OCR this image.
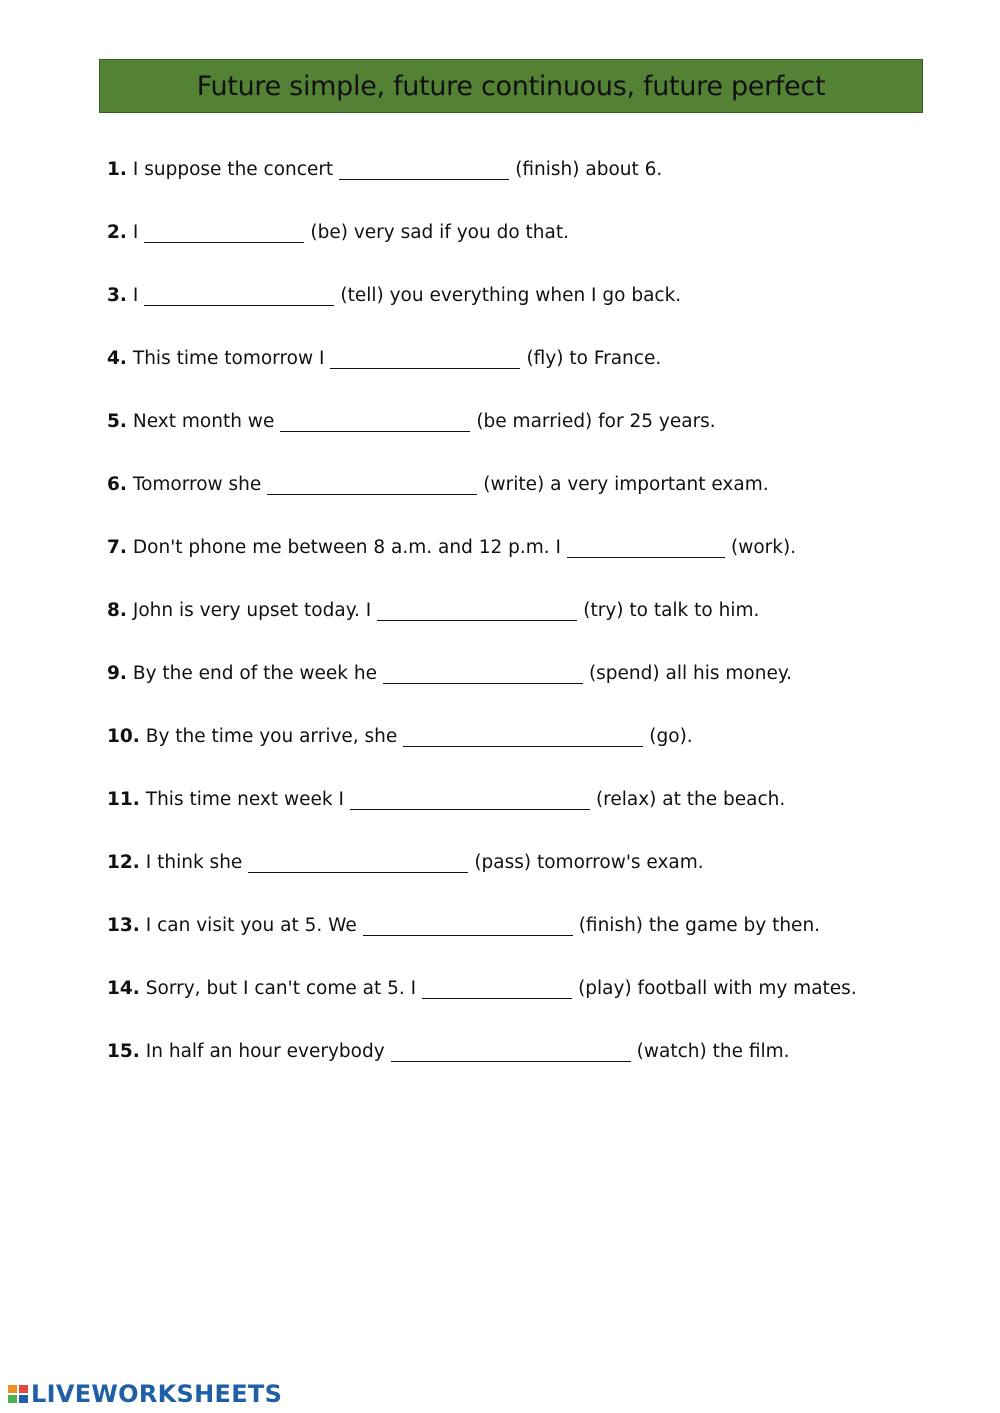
Future simple, future continuous, future perfect
1. I suppose the concert	(finish) about 6.
2. I	(be) very sad if you do that.
3. I	(tell) you everything when I go back.
4. This time tomorrow I	(fly) to France.
5. Next month we	(be married) for 25 years.
6. Tomorrow she	(write) a very important exam.
7. Don't phone me between 8 a.m. and 12 p.m. I	(work).
8. John is very upset today. I	(try) to talk to him.
9. By the end of the week he	(spend) all his money.
10. By the time you arrive, she	(go).
11. This time next week I	(relax) at the beach.
12. I think she	(pass) tomorrow's exam.
13. I can visit you at 5. We	(finish) the game by then.
14. Sorry, but I can't come at 5. I	(play) football with my mates.
15. In half an hour everybody	(watch) the film.
LIVEWORKSHEETS
